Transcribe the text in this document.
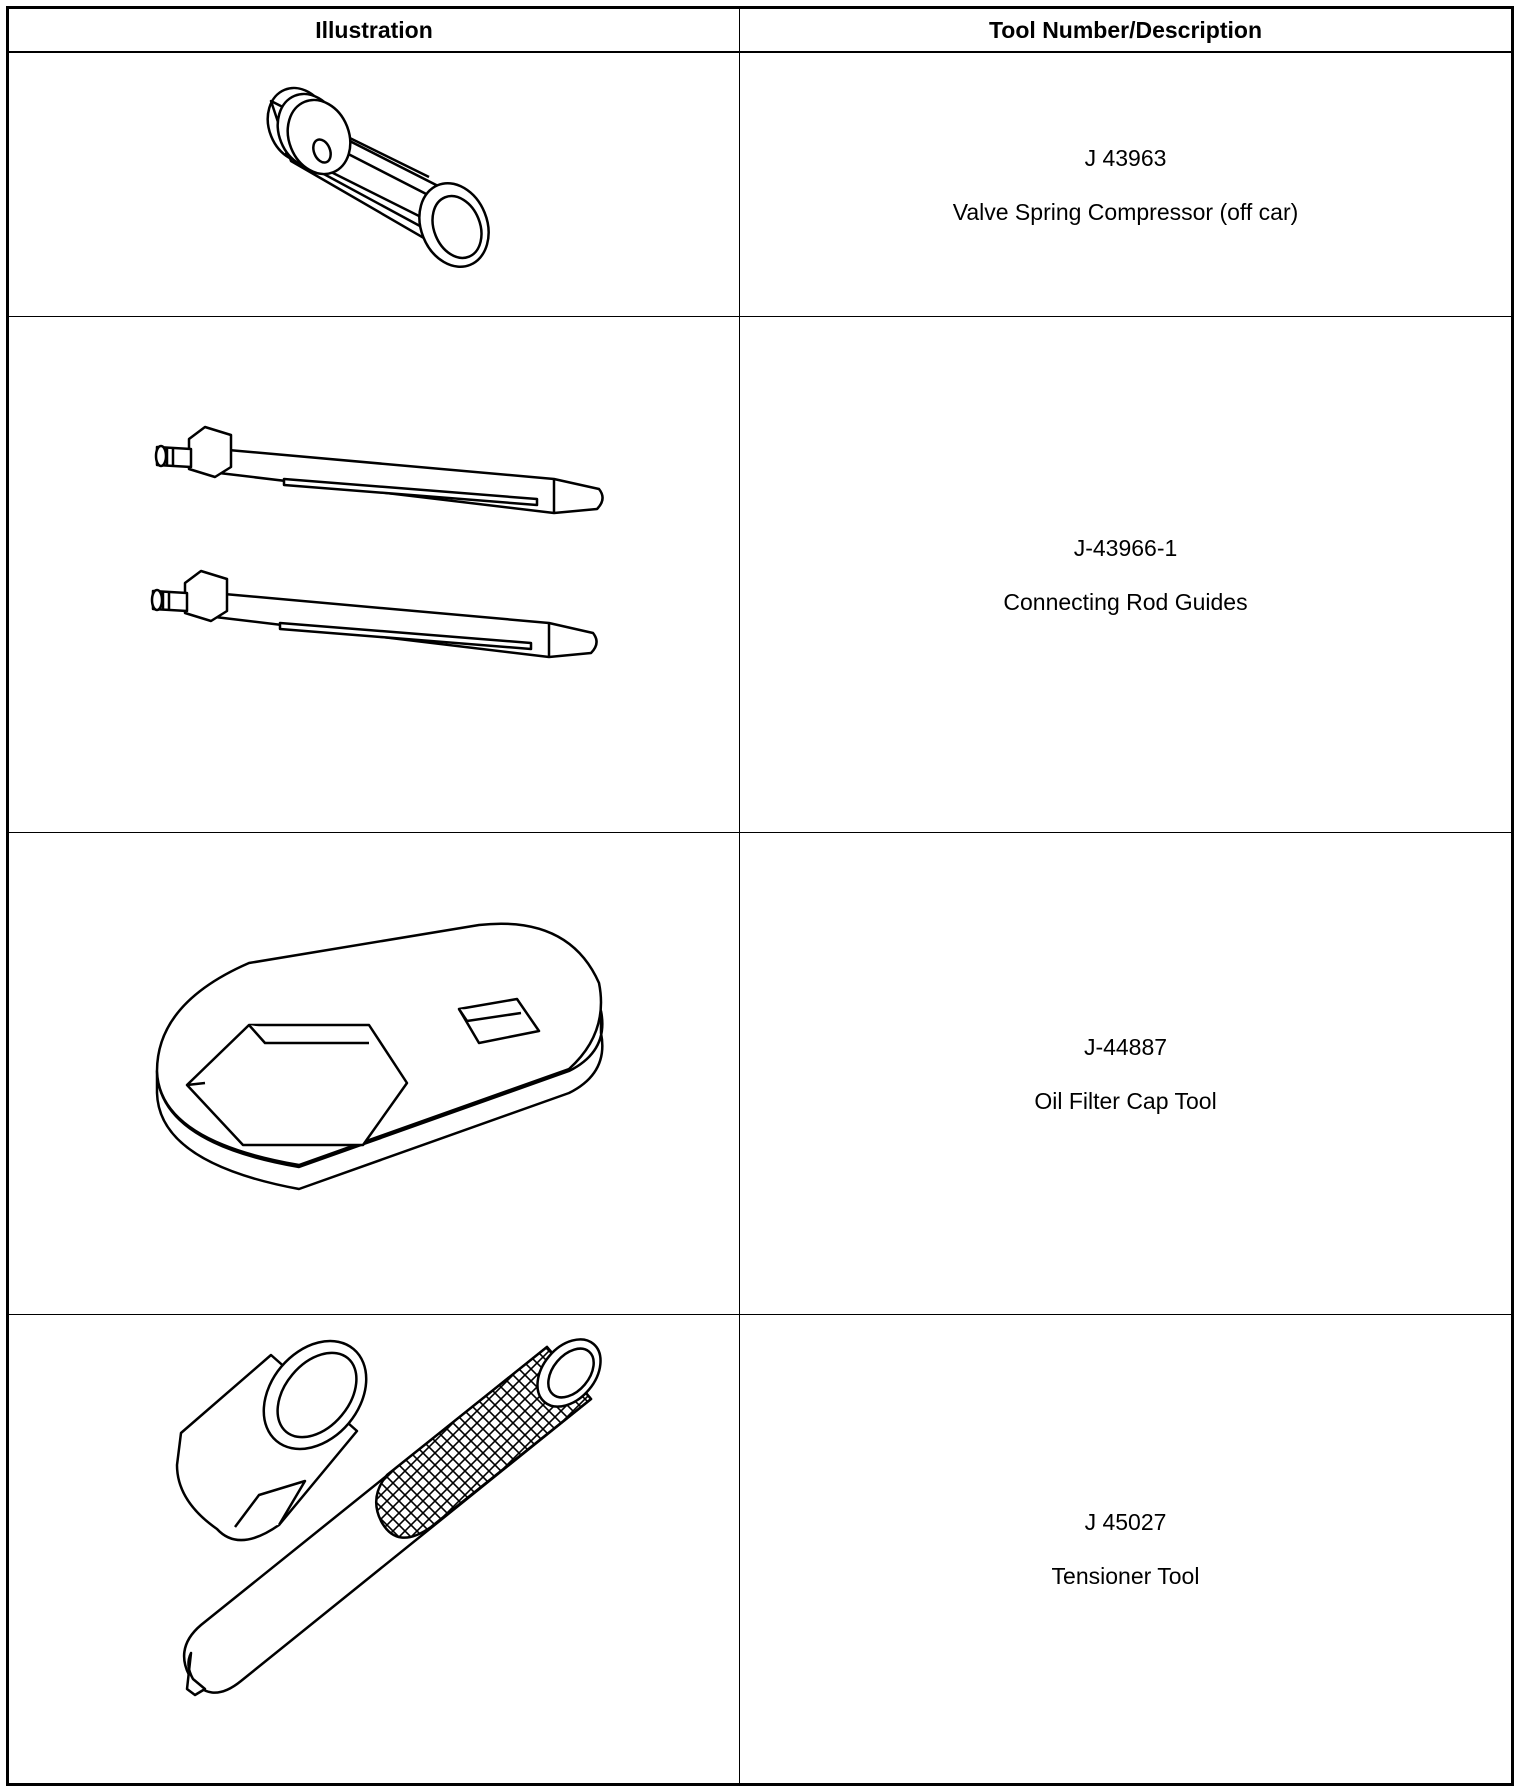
Illustration	Tool Number/Description
J 43963
Valve Spring Compressor (off car)
J-43966-1
Connecting Rod Guides
J-44887
Oil Filter Cap Tool
J 45027
Tensioner Tool
